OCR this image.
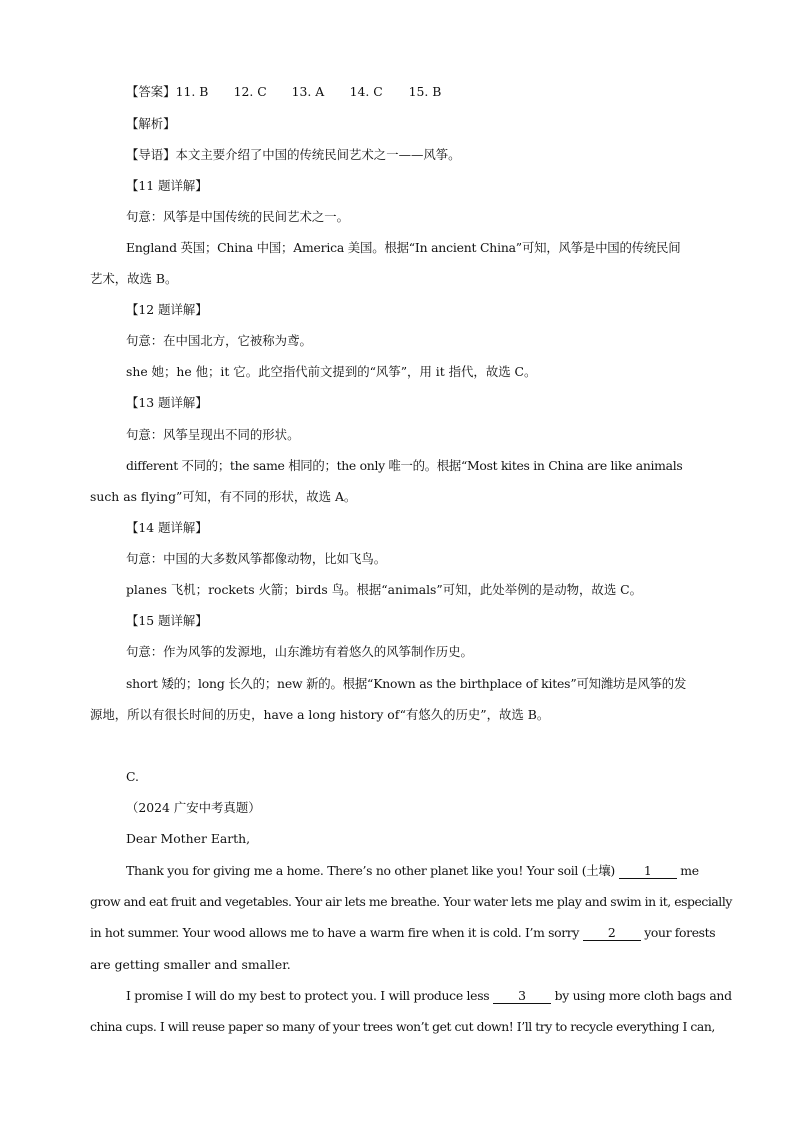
【答案】11. B 12. C 13. A 14. C 15. B
【解析】
【导语】本文主要介绍了中国的传统民间艺术之一——风筝。
【11 题详解】
句意：风筝是中国传统的民间艺术之一。
England 英国；China 中国；America 美国。根据“In ancient China”可知，风筝是中国的传统民间
艺术，故选 B。
【12 题详解】
句意：在中国北方，它被称为鸢。
she 她；he 他；it 它。此空指代前文提到的“风筝”，用 it 指代，故选 C。
【13 题详解】
句意：风筝呈现出不同的形状。
different 不同的；the same 相同的；the only 唯一的。根据“Most kites in China are like animals
such as flying”可知，有不同的形状，故选 A。
【14 题详解】
句意：中国的大多数风筝都像动物，比如飞鸟。
planes 飞机；rockets 火箭；birds 鸟。根据“animals”可知，此处举例的是动物，故选 C。
【15 题详解】
句意：作为风筝的发源地，山东潍坊有着悠久的风筝制作历史。
short 矮的；long 长久的；new 新的。根据“Known as the birthplace of kites”可知潍坊是风筝的发
源地，所以有很长时间的历史，have a long history of“有悠久的历史”，故选 B。
C.
（2024 广安中考真题）
Dear Mother Earth,
Thank you for giving me a home. There’s no other planet like you! Your soil (土壤) 1 me
grow and eat fruit and vegetables. Your air lets me breathe. Your water lets me play and swim in it, especially
in hot summer. Your wood allows me to have a warm fire when it is cold. I’m sorry 2 your forests
are getting smaller and smaller.
I promise I will do my best to protect you. I will produce less 3 by using more cloth bags and
china cups. I will reuse paper so many of your trees won’t get cut down! I’ll try to recycle everything I can,
